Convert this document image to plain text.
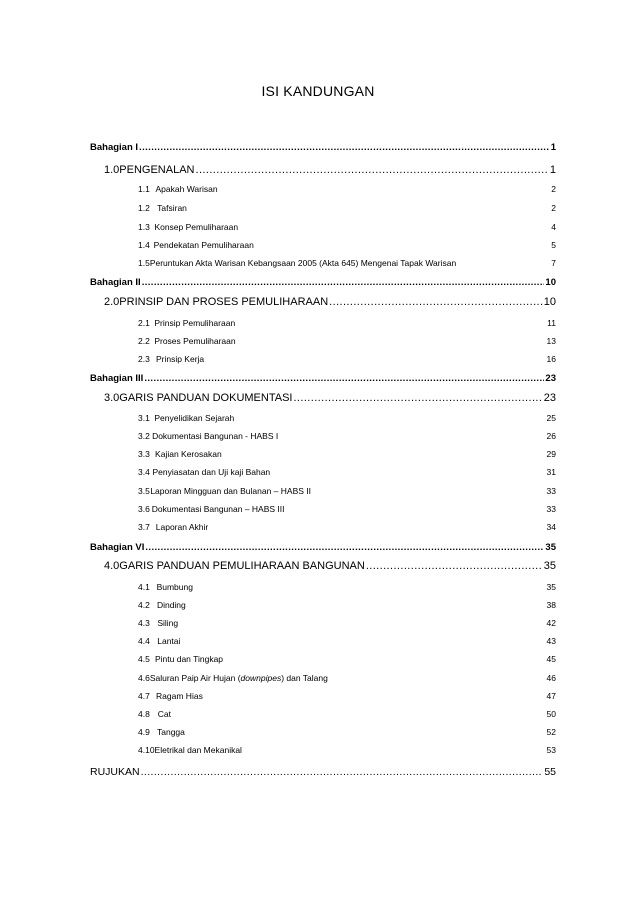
ISI KANDUNGAN
Bahagian I .....	1
1.0 PENGENALAN .....	1
1.1 Apakah Warisan	2
1.2 Tafsiran	2
1.3 Konsep Pemuliharaan	4
1.4 Pendekatan Pemuliharaan	5
1.5 Peruntukan Akta Warisan Kebangsaan 2005 (Akta 645) Mengenai Tapak Warisan	7
Bahagian II .....	10
2.0 PRINSIP DAN PROSES PEMULIHARAAN .....	10
2.1 Prinsip Pemuliharaan	11
2.2 Proses Pemuliharaan	13
2.3 Prinsip Kerja	16
Bahagian III .....	23
3.0 GARIS PANDUAN DOKUMENTASI .....	23
3.1 Penyelidikan Sejarah	25
3.2 Dokumentasi Bangunan - HABS I	26
3.3 Kajian Kerosakan	29
3.4 Penyiasatan dan Uji kaji Bahan	31
3.5 Laporan Mingguan dan Bulanan – HABS II	33
3.6 Dokumentasi Bangunan – HABS III	33
3.7 Laporan Akhir	34
Bahagian VI .....	35
4.0 GARIS PANDUAN PEMULIHARAAN BANGUNAN .....	35
4.1 Bumbung	35
4.2 Dinding	38
4.3 Siling	42
4.4 Lantai	43
4.5 Pintu dan Tingkap	45
4.6 Saluran Paip Air Hujan (downpipes) dan Talang	46
4.7 Ragam Hias	47
4.8 Cat	50
4.9 Tangga	52
4.10 Eletrikal dan Mekanikal	53
RUJUKAN .....	55
